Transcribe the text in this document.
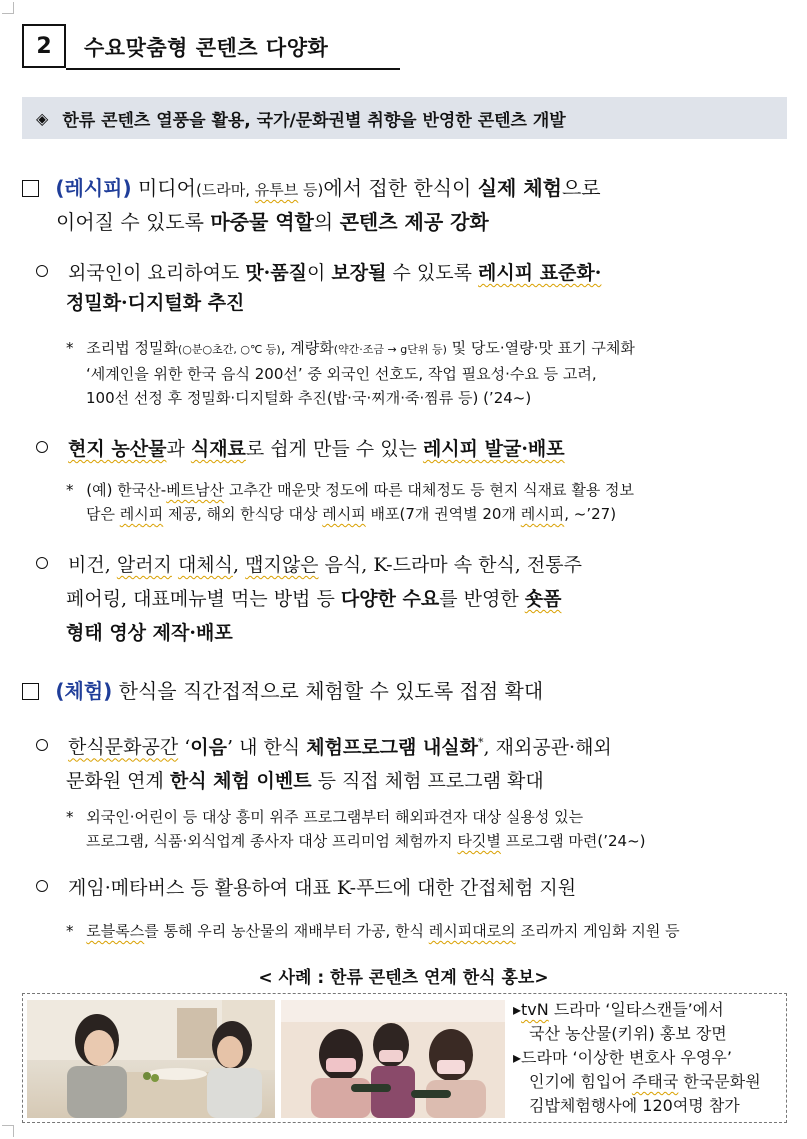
2	수요맞춤형 콘텐츠 다양화
◈ 한류 콘텐츠 열풍을 활용, 국가/문화권별 취향을 반영한 콘텐츠 개발
(레시피) 미디어(드라마, 유투브 등)에서 접한 한식이 실제 체험으로
이어질 수 있도록 마중물 역할의 콘텐츠 제공 강화
외국인이 요리하여도 맛·품질이 보장될 수 있도록 레시피 표준화·
정밀화·디지털화 추진
* 조리법 정밀화(○분○초간, ○℃ 등), 계량화(약간·조금 → g단위 등) 및 당도·열량·맛 표기 구체화
‘세계인을 위한 한국 음식 200선’ 중 외국인 선호도, 작업 필요성·수요 등 고려,
100선 선정 후 정밀화·디지털화 추진(밥·국·찌개·죽·찜류 등) (’24~)
현지 농산물과 식재료로 쉽게 만들 수 있는 레시피 발굴·배포
* (예) 한국산-베트남산 고추간 매운맛 정도에 따른 대체정도 등 현지 식재료 활용 정보
담은 레시피 제공, 해외 한식당 대상 레시피 배포(7개 권역별 20개 레시피, ~’27)
비건, 알러지 대체식, 맵지않은 음식, K-드라마 속 한식, 전통주
페어링, 대표메뉴별 먹는 방법 등 다양한 수요를 반영한 숏폼
형태 영상 제작·배포
(체험) 한식을 직간접적으로 체험할 수 있도록 접점 확대
한식문화공간 ‘이음’ 내 한식 체험프로그램 내실화*, 재외공관·해외
문화원 연계 한식 체험 이벤트 등 직접 체험 프로그램 확대
* 외국인·어린이 등 대상 흥미 위주 프로그램부터 해외파견자 대상 실용성 있는
프로그램, 식품·외식업계 종사자 대상 프리미엄 체험까지 타깃별 프로그램 마련(’24~)
게임·메타버스 등 활용하여 대표 K-푸드에 대한 간접체험 지원
* 로블록스를 통해 우리 농산물의 재배부터 가공, 한식 레시피대로의 조리까지 게임화 지원 등
< 사례 : 한류 콘텐츠 연계 한식 홍보>
▸tvN 드라마 ‘일타스캔들’에서
국산 농산물(키위) 홍보 장면
▸드라마 ‘이상한 변호사 우영우’
인기에 힘입어 주태국 한국문화원
김밥체험행사에 120여명 참가
